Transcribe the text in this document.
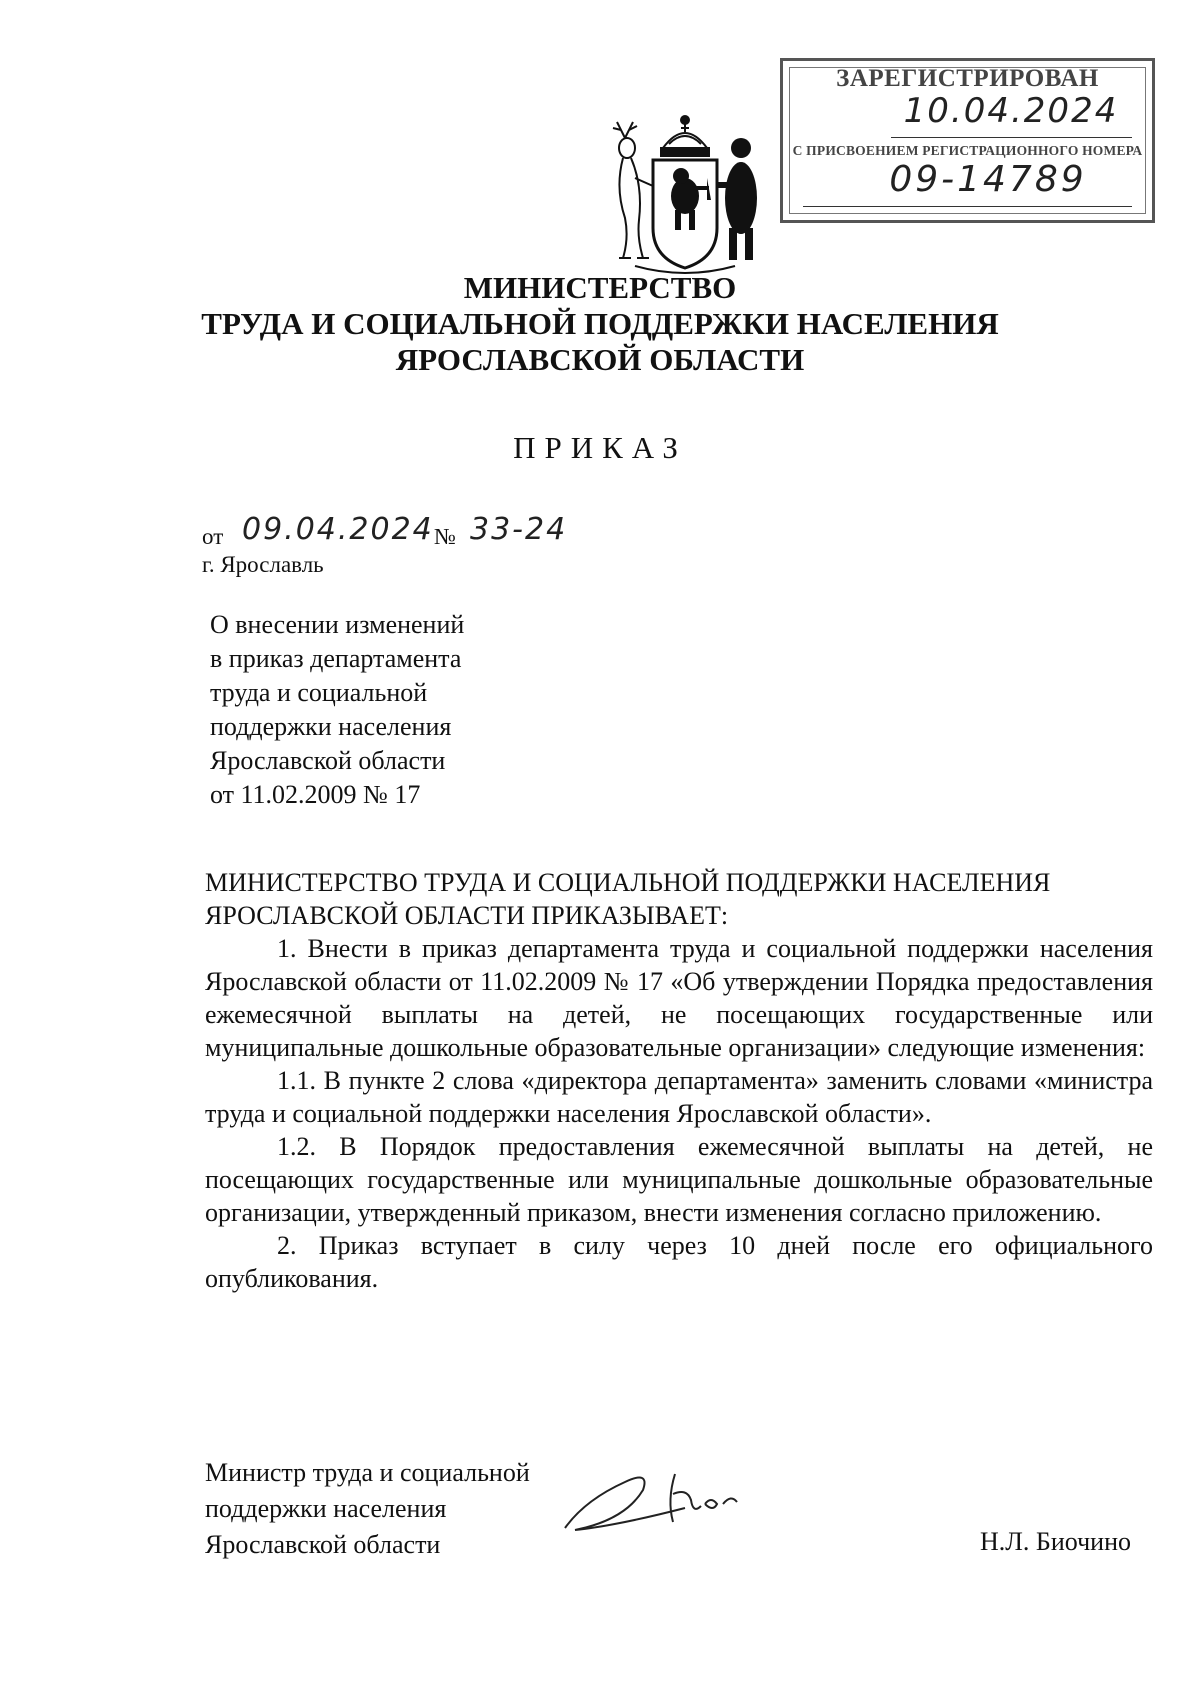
ЗАРЕГИСТРИРОВАН
10.04.2024
С ПРИСВОЕНИЕМ РЕГИСТРАЦИОННОГО НОМЕРА
09-14789
МИНИСТЕРСТВО
ТРУДА И СОЦИАЛЬНОЙ ПОДДЕРЖКИ НАСЕЛЕНИЯ
ЯРОСЛАВСКОЙ ОБЛАСТИ
ПРИКАЗ
от 09.04.2024 № 33-24
г. Ярославль
О внесении изменений
в приказ департамента
труда и социальной
поддержки населения
Ярославской области
от 11.02.2009 № 17

МИНИСТЕРСТВО ТРУДА И СОЦИАЛЬНОЙ ПОДДЕРЖКИ НАСЕЛЕНИЯ ЯРОСЛАВСКОЙ ОБЛАСТИ ПРИКАЗЫВАЕТ:

1. Внести в приказ департамента труда и социальной поддержки населения Ярославской области от 11.02.2009 № 17 «Об утверждении Порядка предоставления ежемесячной выплаты на детей, не посещающих государственные или муниципальные дошкольные образовательные организации» следующие изменения:

1.1. В пункте 2 слова «директора департамента» заменить словами «министра труда и социальной поддержки населения Ярославской области».

1.2. В Порядок предоставления ежемесячной выплаты на детей, не посещающих государственные или муниципальные дошкольные образовательные организации, утвержденный приказом, внести изменения согласно приложению.

2. Приказ вступает в силу через 10 дней после его официального опубликования.

Министр труда и социальной
поддержки населения
Ярославской области	Н.Л. Биочино
